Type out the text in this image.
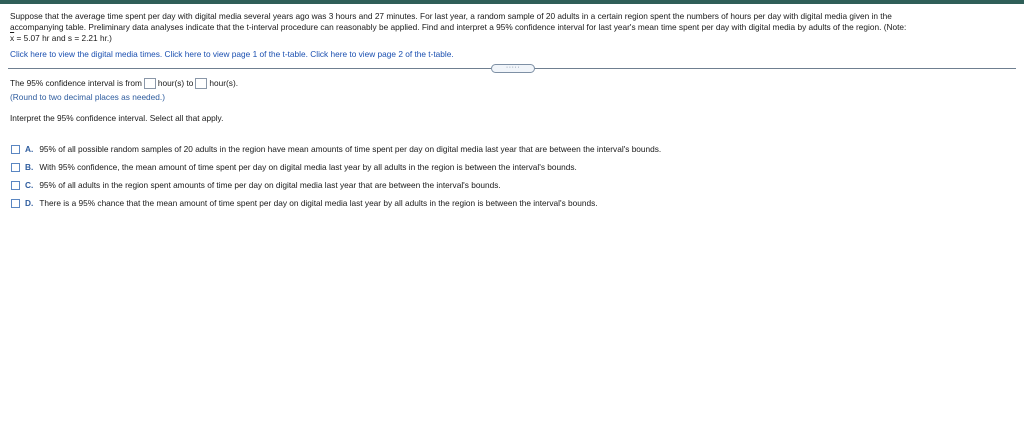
Suppose that the average time spent per day with digital media several years ago was 3 hours and 27 minutes. For last year, a random sample of 20 adults in a certain region spent the numbers of hours per day with digital media given in the

accompanying table. Preliminary data analyses indicate that the t-interval procedure can reasonably be applied. Find and interpret a 95% confidence interval for last year's mean time spent per day with digital media by adults of the region. (Note:

$\overline{x} = 5.07$ hr and s = 2.21 hr.)

Click here to view the digital media times. Click here to view page 1 of the t-table. Click here to view page 2 of the t-table.
·····
The 95% confidence interval is from hour(s) to hour(s).
(Round to two decimal places as needed.)
Interpret the 95% confidence interval. Select all that apply.
A. 95% of all possible random samples of 20 adults in the region have mean amounts of time spent per day on digital media last year that are between the interval's bounds.
B. With 95% confidence, the mean amount of time spent per day on digital media last year by all adults in the region is between the interval's bounds.
C. 95% of all adults in the region spent amounts of time per day on digital media last year that are between the interval's bounds.
D. There is a 95% chance that the mean amount of time spent per day on digital media last year by all adults in the region is between the interval's bounds.
